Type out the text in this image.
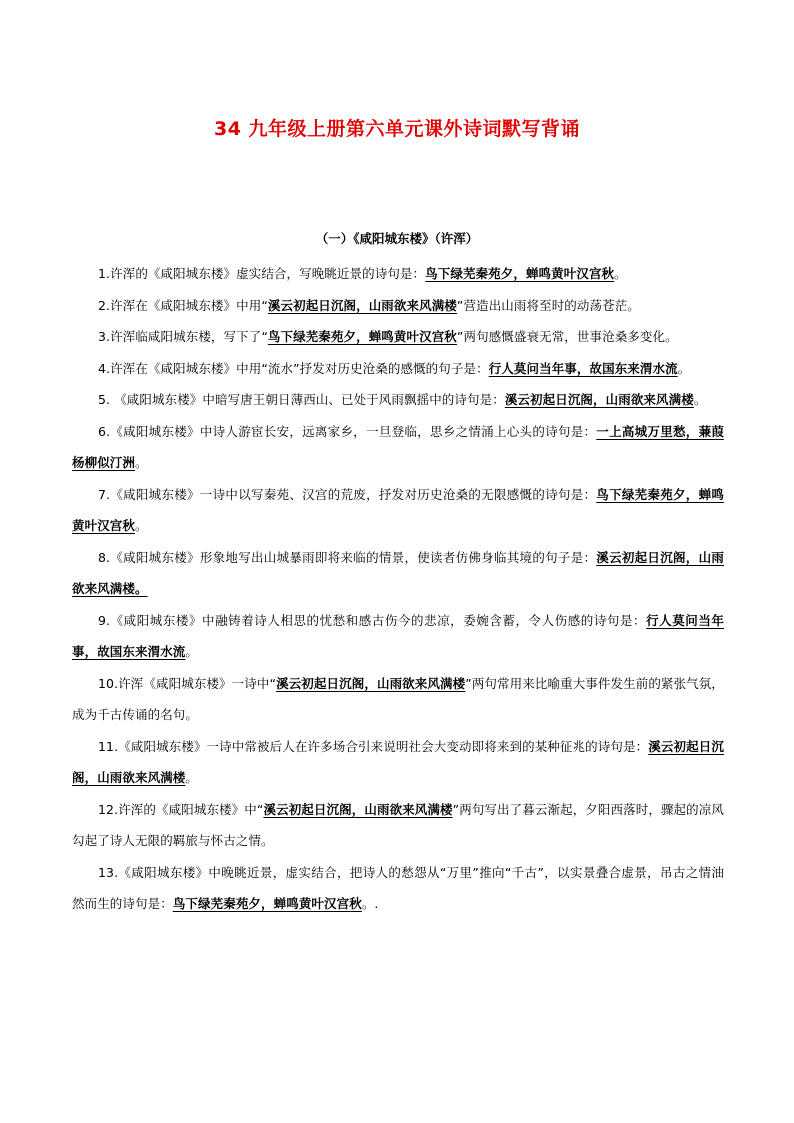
34 九年级上册第六单元课外诗词默写背诵
（一）《咸阳城东楼》（许浑）

1.许浑的《咸阳城东楼》虚实结合，写晚眺近景的诗句是：鸟下绿芜秦苑夕，蝉鸣黄叶汉宫秋。

2.许浑在《咸阳城东楼》中用“溪云初起日沉阁，山雨欲来风满楼”营造出山雨将至时的动荡苍茫。

3.许浑临咸阳城东楼，写下了“鸟下绿芜秦苑夕，蝉鸣黄叶汉宫秋”两句感慨盛衰无常，世事沧桑多变化。

4.许浑在《咸阳城东楼》中用“流水”抒发对历史沧桑的感慨的句子是：行人莫问当年事，故国东来渭水流。

5. 《咸阳城东楼》中暗写唐王朝日薄西山、已处于风雨飘摇中的诗句是：溪云初起日沉阁，山雨欲来风满楼。

6.《咸阳城东楼》中诗人游宦长安，远离家乡，一旦登临，思乡之情涌上心头的诗句是：一上高城万里愁，蒹葭杨柳似汀洲。

7.《咸阳城东楼》一诗中以写秦苑、汉宫的荒废，抒发对历史沧桑的无限感慨的诗句是：鸟下绿芜秦苑夕，蝉鸣黄叶汉宫秋。

8.《咸阳城东楼》形象地写出山城暴雨即将来临的情景，使读者仿佛身临其境的句子是：溪云初起日沉阁，山雨欲来风满楼。

9.《咸阳城东楼》中融铸着诗人相思的忧愁和感古伤今的悲凉，委婉含蓄，令人伤感的诗句是：行人莫问当年事，故国东来渭水流。

10.许浑《咸阳城东楼》一诗中“溪云初起日沉阁，山雨欲来风满楼”两句常用来比喻重大事件发生前的紧张气氛，成为千古传诵的名句。

11.《咸阳城东楼》一诗中常被后人在许多场合引来说明社会大变动即将来到的某种征兆的诗句是：溪云初起日沉阁，山雨欲来风满楼。

12.许浑的《咸阳城东楼》中“溪云初起日沉阁，山雨欲来风满楼”两句写出了暮云渐起，夕阳西落时，骤起的凉风勾起了诗人无限的羁旅与怀古之情。

13.《咸阳城东楼》中晚眺近景，虚实结合，把诗人的愁怨从“万里”推向“千古”，以实景叠合虚景，吊古之情油然而生的诗句是：鸟下绿芜秦苑夕，蝉鸣黄叶汉宫秋。.
